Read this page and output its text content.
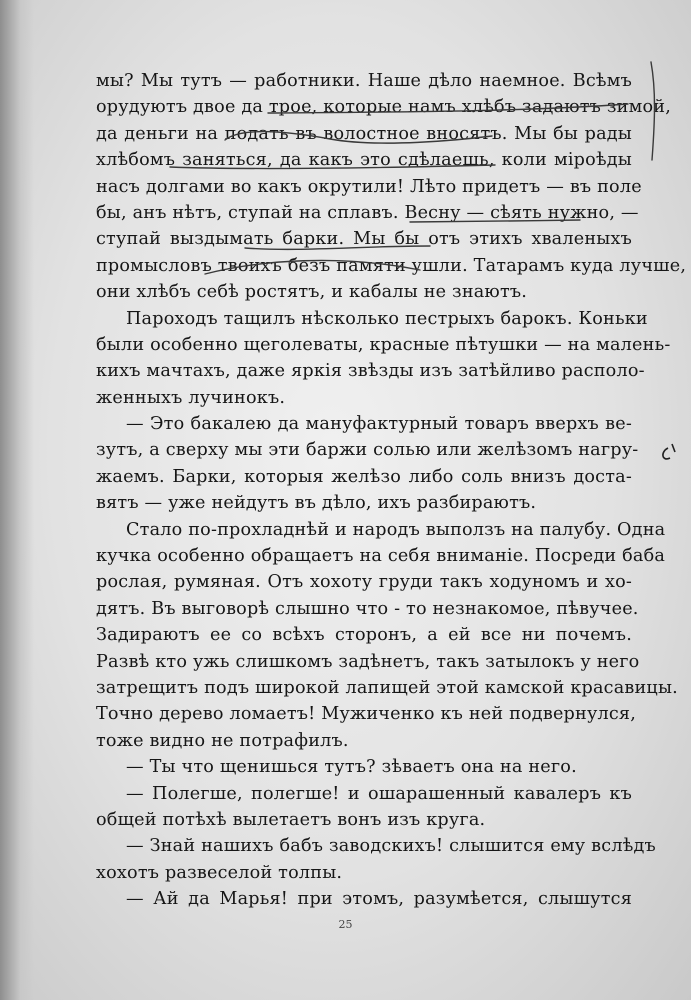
мы? Мы тутъ — работники. Наше дѣло наемное. Всѣмъ
орудуютъ двое да трое, которые намъ хлѣбъ задаютъ зимой,
да деньги на подать въ волостное вносятъ. Мы бы рады
хлѣбомъ заняться, да какъ это сдѣлаешь, коли міроѣды
насъ долгами во какъ окрутили! Лѣто придетъ — въ поле
бы, анъ нѣтъ, ступай на сплавъ. Весну — сѣять нужно, —
ступай выздымать барки. Мы бы отъ этихъ хваленыхъ
промысловъ твоихъ безъ памяти ушли. Татарамъ куда лучше,
они хлѣбъ себѣ ростятъ, и кабалы не знаютъ.
Пароходъ тащилъ нѣсколько пестрыхъ барокъ. Коньки
были особенно щеголеваты, красные пѣтушки — на малень-
кихъ мачтахъ, даже яркія звѣзды изъ затѣйливо располо-
женныхъ лучинокъ.
— Это бакалею да мануфактурный товаръ вверхъ ве-
зутъ, а сверху мы эти баржи солью или желѣзомъ нагру-
жаемъ. Барки, которыя желѣзо либо соль внизъ доста-
вятъ — уже нейдутъ въ дѣло, ихъ разбираютъ.
Стало по-прохладнѣй и народъ выползъ на палубу. Одна
кучка особенно обращаетъ на себя вниманіе. Посреди баба
рослая, румяная. Отъ хохоту груди такъ ходуномъ и хо-
дятъ. Въ выговорѣ слышно что - то незнакомое, пѣвучее.
Задираютъ ее со всѣхъ сторонъ, а ей все ни почемъ.
Развѣ кто ужь слишкомъ задѣнетъ, такъ затылокъ у него
затрещитъ подъ широкой лапищей этой камской красавицы.
Точно дерево ломаетъ! Мужиченко къ ней подвернулся,
тоже видно не потрафилъ.
— Ты что щенишься тутъ? зѣваетъ она на него.
— Полегше, полегше! и ошарашенный кавалеръ къ
общей потѣхѣ вылетаетъ вонъ изъ круга.
— Знай нашихъ бабъ заводскихъ! слышится ему вслѣдъ
хохотъ развеселой толпы.
— Ай да Марья! при этомъ, разумѣется, слышутся
25
